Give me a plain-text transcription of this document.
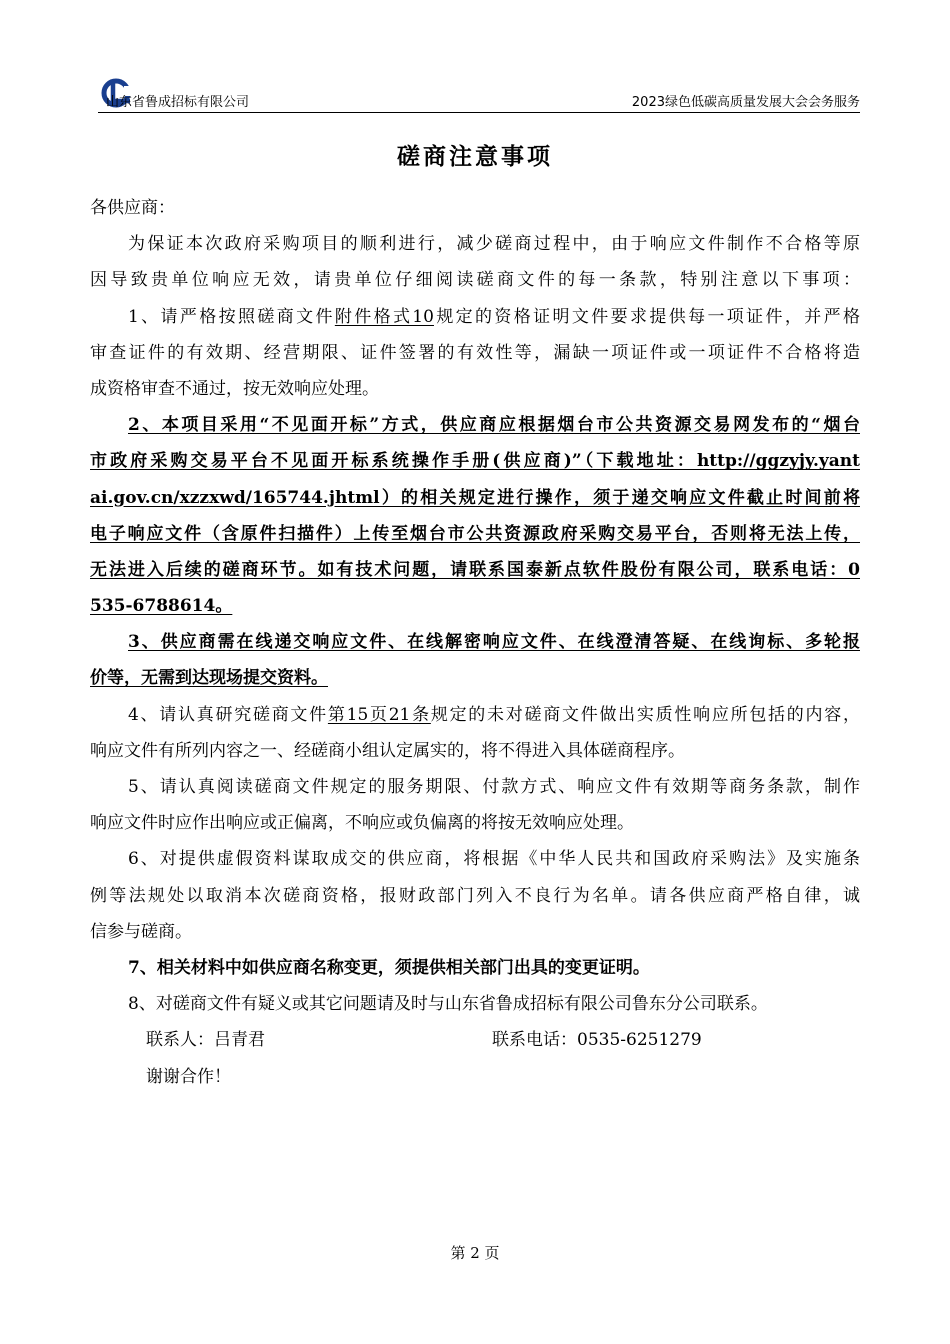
山东省鲁成招标有限公司	2023绿色低碳高质量发展大会会务服务
磋商注意事项
各供应商：
为保证本次政府采购项目的顺利进行，减少磋商过程中，由于响应文件制作不合格等原
因导致贵单位响应无效，请贵单位仔细阅读磋商文件的每一条款，特别注意以下事项：
1、请严格按照磋商文件附件格式10规定的资格证明文件要求提供每一项证件，并严格
审查证件的有效期、经营期限、证件签署的有效性等，漏缺一项证件或一项证件不合格将造
成资格审查不通过，按无效响应处理。
2、本项目采用“不见面开标”方式，供应商应根据烟台市公共资源交易网发布的“烟台
市政府采购交易平台不见面开标系统操作手册(供应商)”（下载地址：http://ggzyjy.yant
ai.gov.cn/xzzxwd/165744.jhtml）的相关规定进行操作，须于递交响应文件截止时间前将
电子响应文件（含原件扫描件）上传至烟台市公共资源政府采购交易平台，否则将无法上传，
无法进入后续的磋商环节。如有技术问题，请联系国泰新点软件股份有限公司，联系电话：0
535-6788614。
3、供应商需在线递交响应文件、在线解密响应文件、在线澄清答疑、在线询标、多轮报
价等，无需到达现场提交资料。
4、请认真研究磋商文件第15页21条规定的未对磋商文件做出实质性响应所包括的内容，
响应文件有所列内容之一、经磋商小组认定属实的，将不得进入具体磋商程序。
5、请认真阅读磋商文件规定的服务期限、付款方式、响应文件有效期等商务条款，制作
响应文件时应作出响应或正偏离，不响应或负偏离的将按无效响应处理。
6、对提供虚假资料谋取成交的供应商，将根据《中华人民共和国政府采购法》及实施条
例等法规处以取消本次磋商资格，报财政部门列入不良行为名单。请各供应商严格自律，诚
信参与磋商。
7、相关材料中如供应商名称变更，须提供相关部门出具的变更证明。
8、对磋商文件有疑义或其它问题请及时与山东省鲁成招标有限公司鲁东分公司联系。
联系人：吕青君	联系电话：0535-6251279
谢谢合作！
第 2 页
